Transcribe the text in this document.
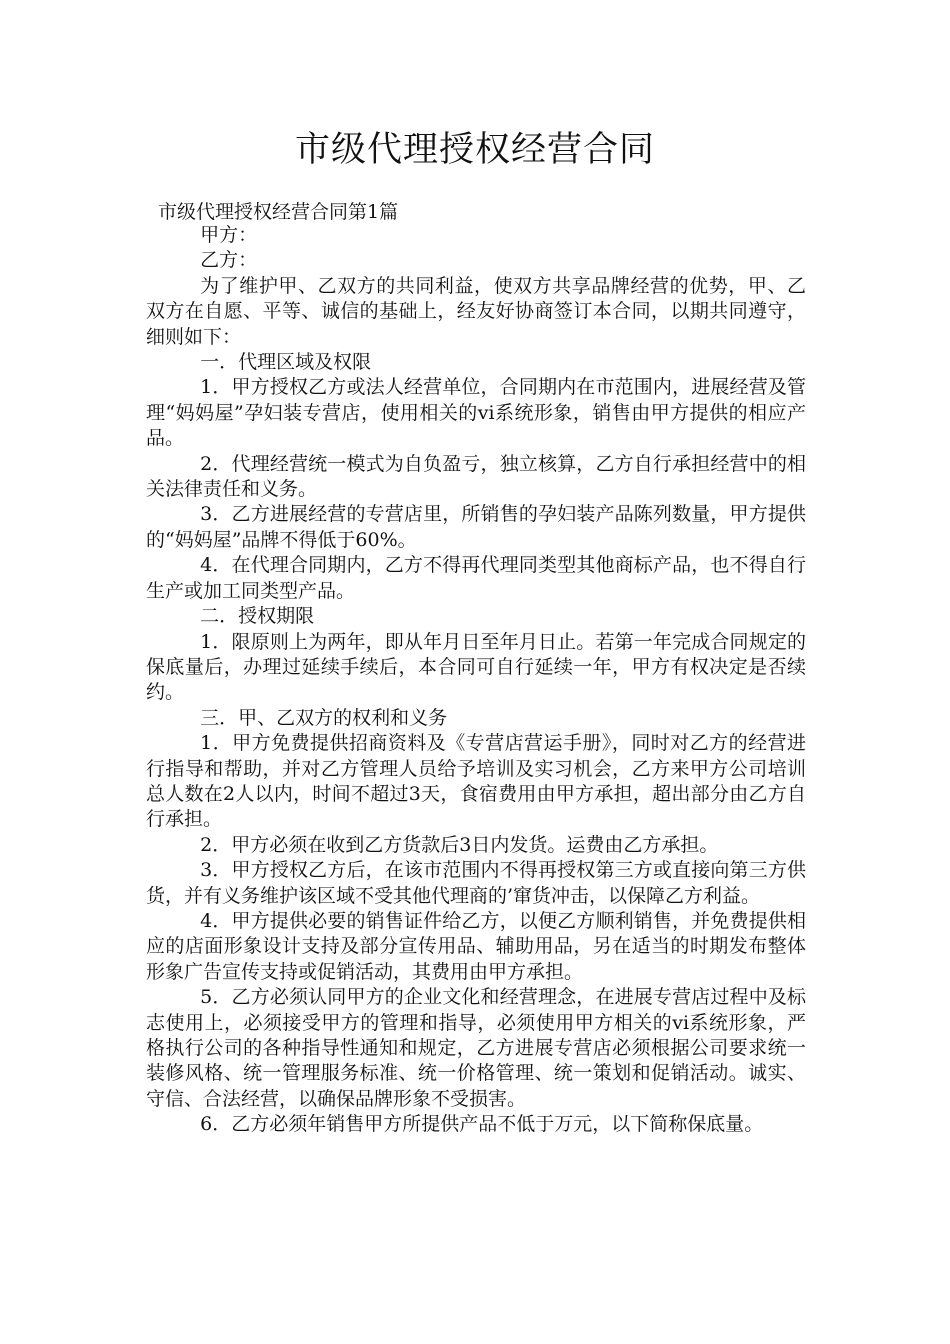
市级代理授权经营合同
市级代理授权经营合同第1篇

甲方：

乙方：

为了维护甲、乙双方的共同利益，使双方共享品牌经营的优势，甲、乙双方在自愿、平等、诚信的基础上，经友好协商签订本合同，以期共同遵守，细则如下：

一．代理区域及权限

1．甲方授权乙方或法人经营单位，合同期内在市范围内，进展经营及管理“妈妈屋”孕妇装专营店，使用相关的vi系统形象，销售由甲方提供的相应产品。

2．代理经营统一模式为自负盈亏，独立核算，乙方自行承担经营中的相关法律责任和义务。

3．乙方进展经营的专营店里，所销售的孕妇装产品陈列数量，甲方提供的“妈妈屋”品牌不得低于60%。

4．在代理合同期内，乙方不得再代理同类型其他商标产品，也不得自行生产或加工同类型产品。

二．授权期限

1．限原则上为两年，即从年月日至年月日止。若第一年完成合同规定的保底量后，办理过延续手续后，本合同可自行延续一年，甲方有权决定是否续约。

三．甲、乙双方的权利和义务

1．甲方免费提供招商资料及《专营店营运手册》，同时对乙方的经营进行指导和帮助，并对乙方管理人员给予培训及实习机会，乙方来甲方公司培训总人数在2人以内，时间不超过3天，食宿费用由甲方承担，超出部分由乙方自行承担。

2．甲方必须在收到乙方货款后3日内发货。运费由乙方承担。

3．甲方授权乙方后，在该市范围内不得再授权第三方或直接向第三方供货，并有义务维护该区域不受其他代理商的’窜货冲击，以保障乙方利益。

4．甲方提供必要的销售证件给乙方，以便乙方顺利销售，并免费提供相应的店面形象设计支持及部分宣传用品、辅助用品，另在适当的时期发布整体形象广告宣传支持或促销活动，其费用由甲方承担。

5．乙方必须认同甲方的企业文化和经营理念，在进展专营店过程中及标志使用上，必须接受甲方的管理和指导，必须使用甲方相关的vi系统形象，严格执行公司的各种指导性通知和规定，乙方进展专营店必须根据公司要求统一装修风格、统一管理服务标准、统一价格管理、统一策划和促销活动。诚实、守信、合法经营，以确保品牌形象不受损害。

6．乙方必须年销售甲方所提供产品不低于万元，以下简称保底量。
